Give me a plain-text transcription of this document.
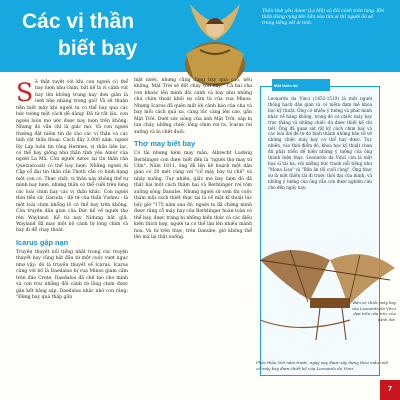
Các vị thần
biết bay

Thần tình yêu Amor (La Mã) có đôi cánh trên lưng. Khi thần dùng cung tên bắn vào tim ai thì người đó sẽ trúng tiếng sét ái tình.

S ẽ thật tuyệt vời khi con người có thể bay lượn như chim, bất kể là vì cánh vút bay lên không trung hay đơn giản là lướt nhẹ nhàng trong gió! Và sẽ thuận tiện biết mấy khi người ta có thể bay qua các bức tường một cách dễ dàng! Đã từ rất lâu, con người luôn mơ ước được bay lượn trên không. Nhưng đó vẫn chỉ là giấc mơ. Và con người thường đặt niềm tin đó vào các vị thần và các linh vật thần thoại. Cách đây 3.000 năm, người Hy Lạp luôn tin rằng Hermes, vị thần liên lạc, có thể bay giống như thần tình yêu Amor của người La Mã. Còn người Aztec lại tin thần rắn Quetzalcoatl có thể bay lượn. Những người Ai Cập cổ đại tin thần rắn Thoth vẫn có hình dạng một con cò. Thực chất, vị thần này không thể tự mình bay lượn, nhưng thần có thể cưỡi trên lưng các loài chim hay các vị thần khác. Con người thời tiền sử, Garuda - đệ tử của thần Vishnu - là một loài chim khổng lồ có thể bay trên không. Còn truyện dân gian của Đức kể về người thợ rèn Wayland. Kể từ nay Nidung bắt giữ, Wayland đã may một bộ cánh từ lông chim và bay đi để chạy thoát.

Icarus gặp nạn

Truyền thuyết nổi tiếng nhất trong các truyện thuyết bay cũng bắt đầu từ một cuộc vượt ngục như vậy: đó là truyền thuyết về Icarus. Icarus cùng với bố là Daedalus bị vua Minos giam cầm trên đảo Crete. Daedalus đã chế tạo cho mình và con trai những đôi cánh từ lông chim được gắn kết bằng sáp. Daedalus nhắc nhở con rằng: "Đừng bay quá thấp gần

mặt nước, nhưng cũng đừng bay quá cao, nếu không, Mặt Trời sẽ đốt cháy con đấy!" Cả hai cha con khoác lên mình đôi cánh và bay như những chú chim thoát khỏi sự cầm tù của vua Minos. Nhưng Icarus đã quên mất lời cảnh báo của cha và bay mỗi cách quá xa, càng lúc càng lên cao, gần Mặt Trời. Dưới sức nóng của ánh Mặt Trời, sáp bị tan chảy, những chiếc lông chim rơi ra, Icarus rơi xuống và bị chết đuối.

Thợ may biết bay

Có tài nhưng kém may mắn, Albrecht Ludwig Berblinger con được biết đến là "người thợ may từ Ulm". Năm 1811, ông đã lên kế hoạch một dân giáo có 20 mét cùng với "cổ máy bay tự chế" và nhảy xuống. Tuy nhiên, giấc mơ bay lượn đó đã thất bại một cách thảm hại và Berblinger rơi tõm xuống sông Danube. Nhưng người sử sơm thì cuộc thám mội cách thiết thực tại là về mặt kĩ thuật lúc bấy giờ "175 năm sau đó, người ta đã chứng minh được rằng cỗ máy bay của Berblinger hoàn toàn có thể bay, được trang bị những kiến thức và các điều kiện thích hợp, người ta có thể lặn lên nhiều mảnh hoa. Và từ trên thực, trên Danube, giờ không thể lên mà lại thật xuống.

Một thiên tài

Leonardo da Vinci (1452-1519) là một người thông bạch dân gian và có niềm đam mê khoa học kỹ thuật. Ông có nhiều ý tưởng và phát minh khác về hàng không, trong đó có chiếc máy bay trực thăng và những chiếc dù được thiết kế chi tiết. Ông đã quan sát rất kỹ cách chim bay và các loài dơi để từ đó hình thành những bản vẽ về những chiếc máy bay có thể bay được. Tuy nhiên, vào thời điểm đó, khoa học kỹ thuật chưa đủ phát triển để biến những ý tưởng của ông thành hiện thực. Leonardo da Vinci còn là một họa sĩ tài ba, với những bức tranh nổi tiếng như "Mona Lisa" và "Bữa ăn tối cuối cùng". Ông thực sự là một thiên tài đi trước thời đại của mình, và những ý tưởng của ông vẫn còn được nghiên cứu cho đến ngày nay.

Bản vẽ chiếc máy bay của Leonardo da Vinci dựa trên cấu trúc của cánh dơi.
Phác thảo 500 năm trước, ngày nay được xây dựng theo mẫu một cỗ máy bay được thiết kế của Leonardo da Vinci.
7
